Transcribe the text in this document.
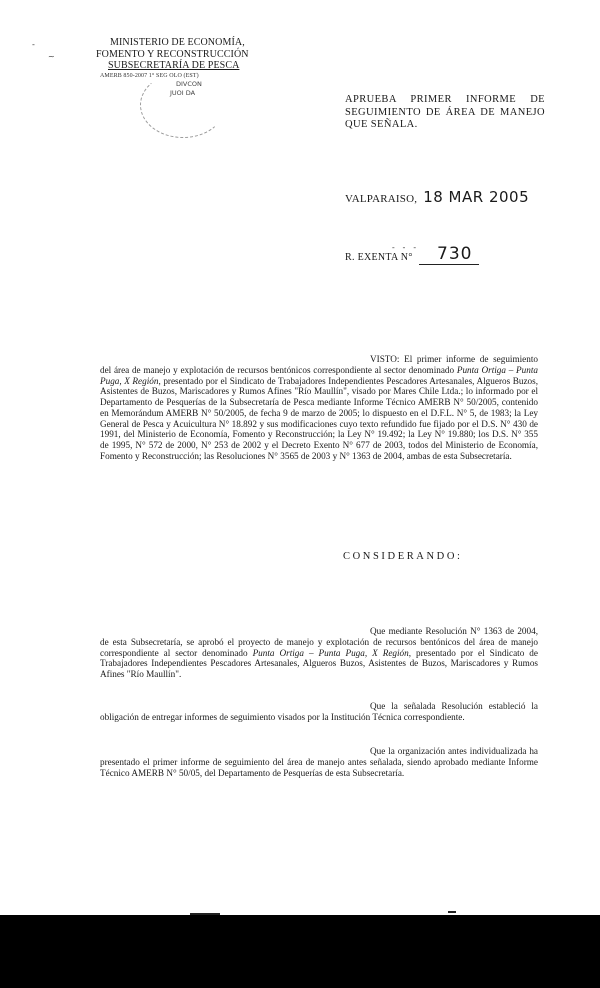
-
~
MINISTERIO DE ECONOMÍA,
FOMENTO Y RECONSTRUCCIÓN
SUBSECRETARÍA DE PESCA
AMERB 850-2007 1° SEG OLO (EST)
DIVCON
JUOI DA
APRUEBA PRIMER INFORME DE SEGUIMIENTO DE ÁREA DE MANEJO QUE SEÑALA.
VALPARAISO, 18 MAR 2005
- - -
R. EXENTA N°	730
VISTO: El primer informe de seguimiento del área de manejo y explotación de recursos bentónicos correspondiente al sector denominado Punta Ortiga – Punta Puga, X Región, presentado por el Sindicato de Trabajadores Independientes Pescadores Artesanales, Algueros Buzos, Asistentes de Buzos, Mariscadores y Rumos Afines "Río Maullín", visado por Mares Chile Ltda.; lo informado por el Departamento de Pesquerías de la Subsecretaría de Pesca mediante Informe Técnico AMERB N° 50/2005, contenido en Memorándum AMERB N° 50/2005, de fecha 9 de marzo de 2005; lo dispuesto en el D.F.L. N° 5, de 1983; la Ley General de Pesca y Acuicultura N° 18.892 y sus modificaciones cuyo texto refundido fue fijado por el D.S. N° 430 de 1991, del Ministerio de Economía, Fomento y Reconstrucción; la Ley N° 19.492; la Ley N° 19.880; los D.S. N° 355 de 1995, N° 572 de 2000, N° 253 de 2002 y el Decreto Exento N° 677 de 2003, todos del Ministerio de Economía, Fomento y Reconstrucción; las Resoluciones N° 3565 de 2003 y N° 1363 de 2004, ambas de esta Subsecretaría.
CONSIDERANDO:
Que mediante Resolución N° 1363 de 2004, de esta Subsecretaría, se aprobó el proyecto de manejo y explotación de recursos bentónicos del área de manejo correspondiente al sector denominado Punta Ortiga – Punta Puga, X Región, presentado por el Sindicato de Trabajadores Independientes Pescadores Artesanales, Algueros Buzos, Asistentes de Buzos, Mariscadores y Rumos Afines "Río Maullín".
Que la señalada Resolución estableció la obligación de entregar informes de seguimiento visados por la Institución Técnica correspondiente.
Que la organización antes individualizada ha presentado el primer informe de seguimiento del área de manejo antes señalada, siendo aprobado mediante Informe Técnico AMERB N° 50/05, del Departamento de Pesquerías de esta Subsecretaría.
